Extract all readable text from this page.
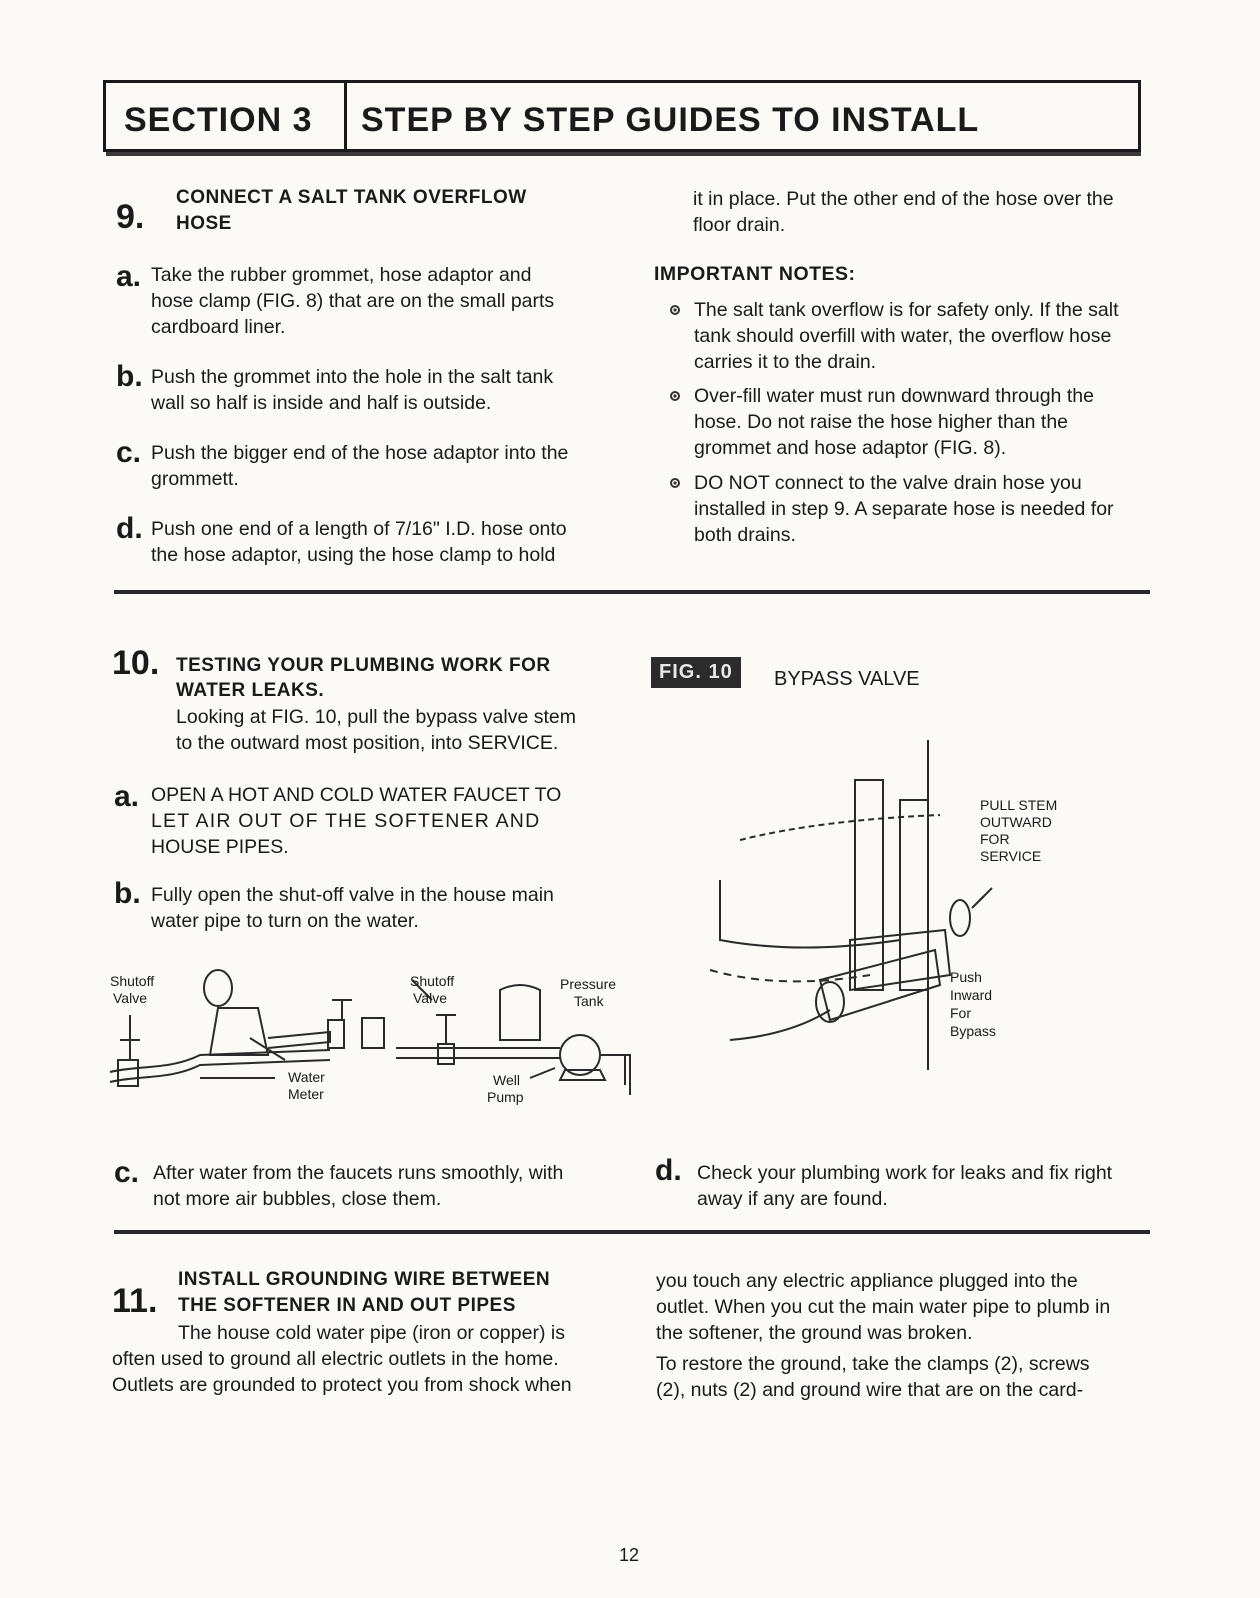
SECTION 3 STEP BY STEP GUIDES TO INSTALL
9.
CONNECT A SALT TANK OVERFLOW
HOSE
a. Take the rubber grommet, hose adaptor and
hose clamp (FIG. 8) that are on the small parts
cardboard liner.
b. Push the grommet into the hole in the salt tank
wall so half is inside and half is outside.
c. Push the bigger end of the hose adaptor into the
grommett.
d. Push one end of a length of 7/16" I.D. hose onto
the hose adaptor, using the hose clamp to hold
it in place. Put the other end of the hose over the
floor drain.
IMPORTANT NOTES:
The salt tank overflow is for safety only. If the salt
tank should overfill with water, the overflow hose
carries it to the drain.
Over-fill water must run downward through the
hose. Do not raise the hose higher than the
grommet and hose adaptor (FIG. 8).
DO NOT connect to the valve drain hose you
installed in step 9. A separate hose is needed for
both drains.
10. TESTING YOUR PLUMBING WORK FOR
WATER LEAKS.
Looking at FIG. 10, pull the bypass valve stem
to the outward most position, into SERVICE.
a. OPEN A HOT AND COLD WATER FAUCET TO
LET AIR OUT OF THE SOFTENER AND
HOUSE PIPES.
b. Fully open the shut-off valve in the house main
water pipe to turn on the water.
Shutoff
Valve
Shutoff
Valve
Pressure
Tank
Water
Meter
Well
Pump
FIG. 10	BYPASS VALVE
PULL STEM
OUTWARD
FOR
SERVICE
Push
Inward
For
Bypass
c. After water from the faucets runs smoothly, with
not more air bubbles, close them.
d. Check your plumbing work for leaks and fix right
away if any are found.
11.
INSTALL GROUNDING WIRE BETWEEN
THE SOFTENER IN AND OUT PIPES
The house cold water pipe (iron or copper) is
often used to ground all electric outlets in the home.
Outlets are grounded to protect you from shock when
you touch any electric appliance plugged into the
outlet. When you cut the main water pipe to plumb in
the softener, the ground was broken.
To restore the ground, take the clamps (2), screws
(2), nuts (2) and ground wire that are on the card-
12
